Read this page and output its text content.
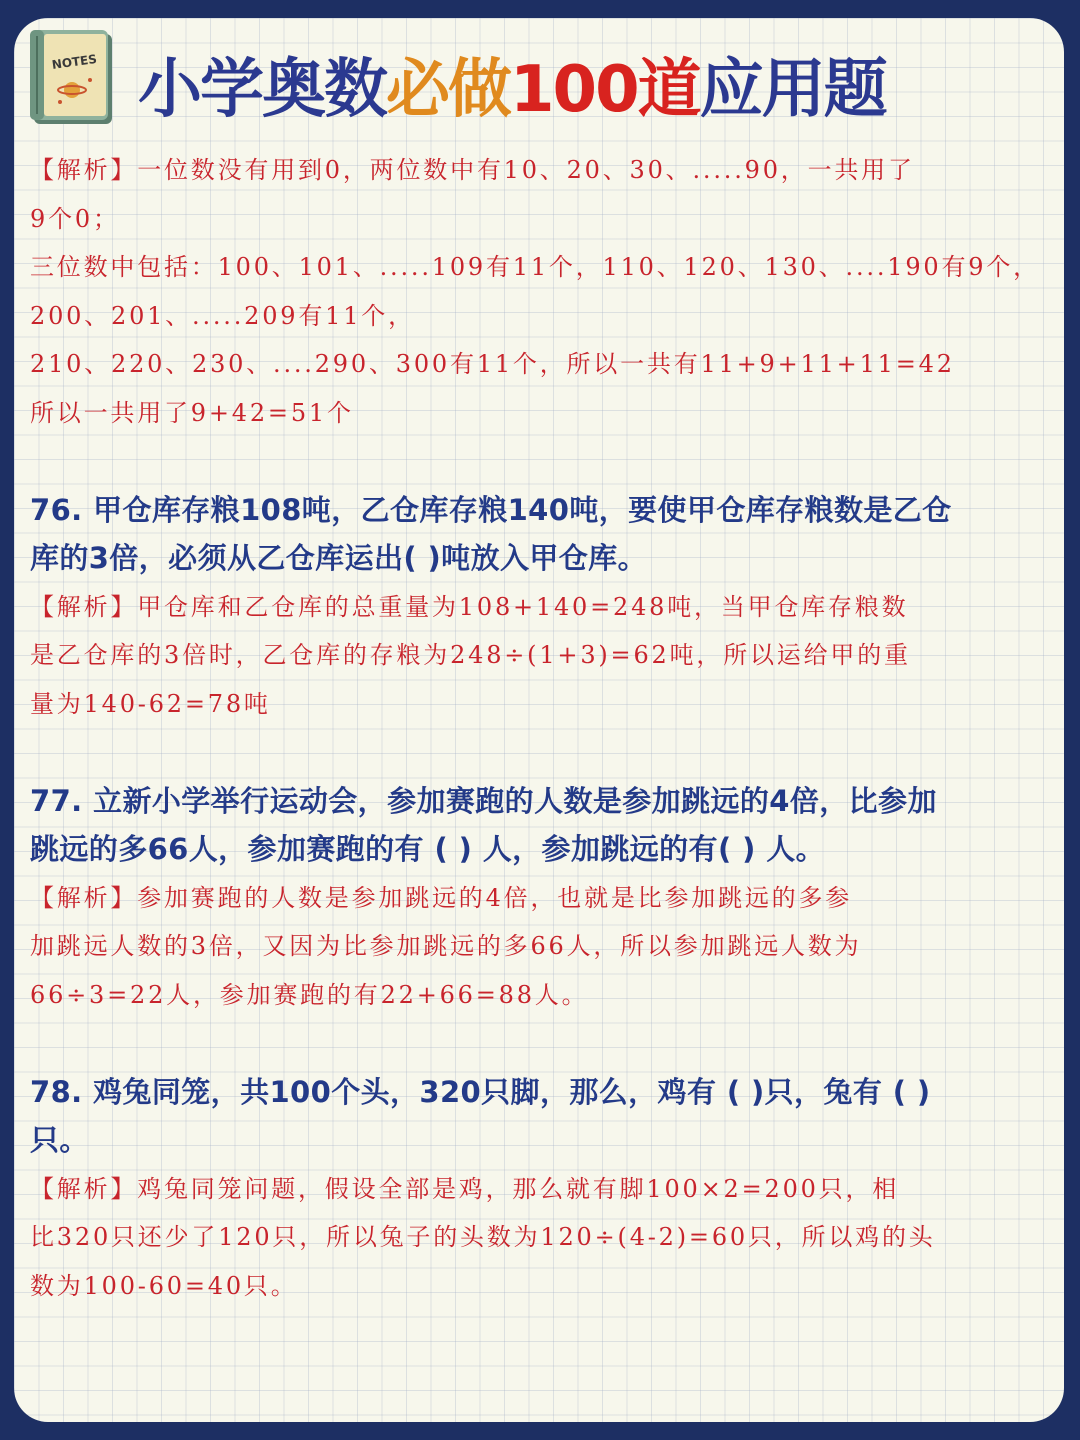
NOTES 小学奥数必做100道应用题

【解析】一位数没有用到0，两位数中有10、20、30、.....90，一共用了

9个0；

三位数中包括：100、101、.....109有11个，110、120、130、....190有9个，

200、201、.....209有11个，

210、220、230、....290、300有11个，所以一共有11+9+11+11=42

所以一共用了9+42=51个

76. 甲仓库存粮108吨，乙仓库存粮140吨，要使甲仓库存粮数是乙仓

库的3倍，必须从乙仓库运出( )吨放入甲仓库。

【解析】甲仓库和乙仓库的总重量为108+140=248吨，当甲仓库存粮数

是乙仓库的3倍时，乙仓库的存粮为248÷(1+3)=62吨，所以运给甲的重

量为140-62=78吨

77. 立新小学举行运动会，参加赛跑的人数是参加跳远的4倍，比参加

跳远的多66人，参加赛跑的有 ( ) 人，参加跳远的有( ) 人。

【解析】参加赛跑的人数是参加跳远的4倍，也就是比参加跳远的多参

加跳远人数的3倍，又因为比参加跳远的多66人，所以参加跳远人数为

66÷3=22人，参加赛跑的有22+66=88人。

78. 鸡兔同笼，共100个头，320只脚，那么，鸡有 ( )只，兔有 ( )

只。

【解析】鸡兔同笼问题，假设全部是鸡，那么就有脚100×2=200只，相

比320只还少了120只，所以兔子的头数为120÷(4-2)=60只，所以鸡的头

数为100-60=40只。
